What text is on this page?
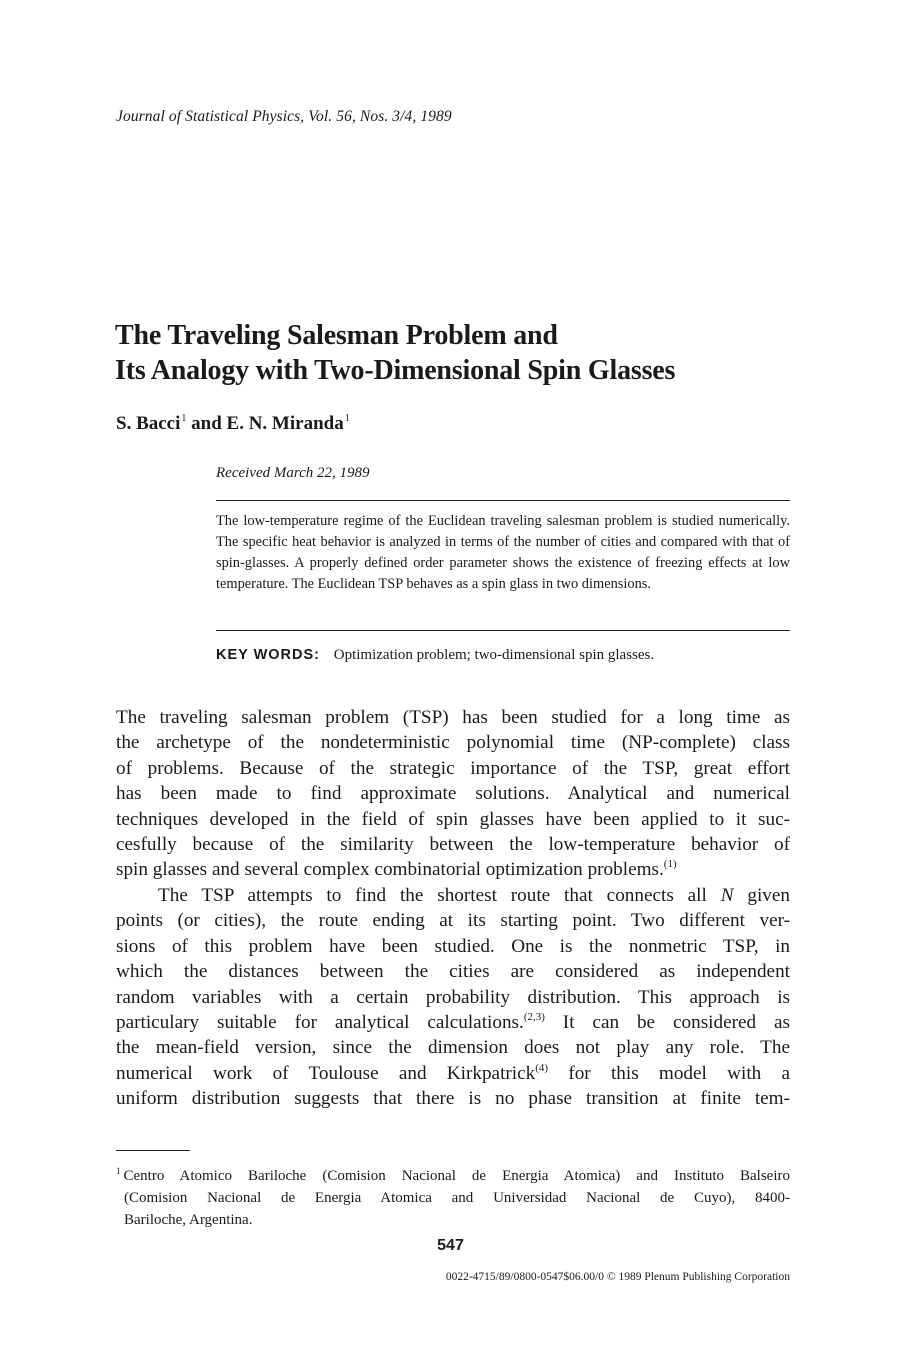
Journal of Statistical Physics, Vol. 56, Nos. 3/4, 1989
The Traveling Salesman Problem and
Its Analogy with Two-Dimensional Spin Glasses
S. Bacci$^1$ and E. N. Miranda$^1$
Received March 22, 1989

The low-temperature regime of the Euclidean traveling salesman problem is studied numerically. The specific heat behavior is analyzed in terms of the number of cities and compared with that of spin-glasses. A properly defined order parameter shows the existence of freezing effects at low temperature. The Euclidean TSP behaves as a spin glass in two dimensions.

KEY WORDS: Optimization problem; two-dimensional spin glasses.
The traveling salesman problem (TSP) has been studied for a long time as
the archetype of the nondeterministic polynomial time (NP-complete) class
of problems. Because of the strategic importance of the TSP, great effort
has been made to find approximate solutions. Analytical and numerical
techniques developed in the field of spin glasses have been applied to it suc-
cesfully because of the similarity between the low-temperature behavior of
spin glasses and several complex combinatorial optimization problems.$^{(1)}$
The TSP attempts to find the shortest route that connects all N given
points (or cities), the route ending at its starting point. Two different ver-
sions of this problem have been studied. One is the nonmetric TSP, in
which the distances between the cities are considered as independent
random variables with a certain probability distribution. This approach is
particulary suitable for analytical calculations.$^{(2,3)}$ It can be considered as
the mean-field version, since the dimension does not play any role. The
numerical work of Toulouse and Kirkpatrick$^{(4)}$ for this model with a
uniform distribution suggests that there is no phase transition at finite tem-
$^1$ Centro Atomico Bariloche (Comision Nacional de Energia Atomica) and Instituto Balseiro
(Comision Nacional de Energia Atomica and Universidad Nacional de Cuyo), 8400-
Bariloche, Argentina.
547
0022-4715/89/0800-0547$06.00/0 © 1989 Plenum Publishing Corporation
